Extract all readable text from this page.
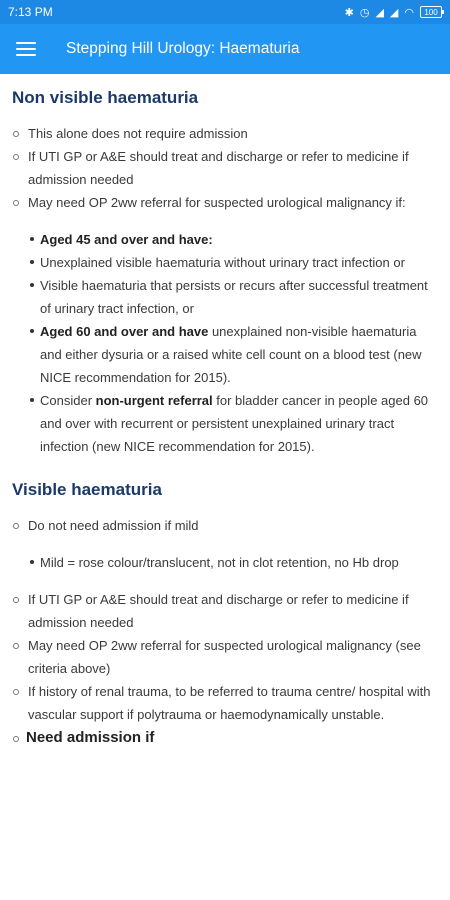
7:13 PM	✱ ◷ ◢ ◢ ◠ 100
Stepping Hill Urology: Haematuria
Non visible haematuria
This alone does not require admission
If UTI GP or A&E should treat and discharge or refer to medicine if admission needed
May need OP 2ww referral for suspected urological malignancy if:
Aged 45 and over and have:
Unexplained visible haematuria without urinary tract infection or
Visible haematuria that persists or recurs after successful treatment of urinary tract infection, or
Aged 60 and over and have unexplained non-visible haematuria and either dysuria or a raised white cell count on a blood test (new NICE recommendation for 2015).
Consider non-urgent referral for bladder cancer in people aged 60 and over with recurrent or persistent unexplained urinary tract infection (new NICE recommendation for 2015).
Visible haematuria
Do not need admission if mild
Mild = rose colour/translucent, not in clot retention, no Hb drop
If UTI GP or A&E should treat and discharge or refer to medicine if admission needed
May need OP 2ww referral for suspected urological malignancy (see criteria above)
If history of renal trauma, to be referred to trauma centre/ hospital with vascular support if polytrauma or haemodynamically unstable.
Need admission if
